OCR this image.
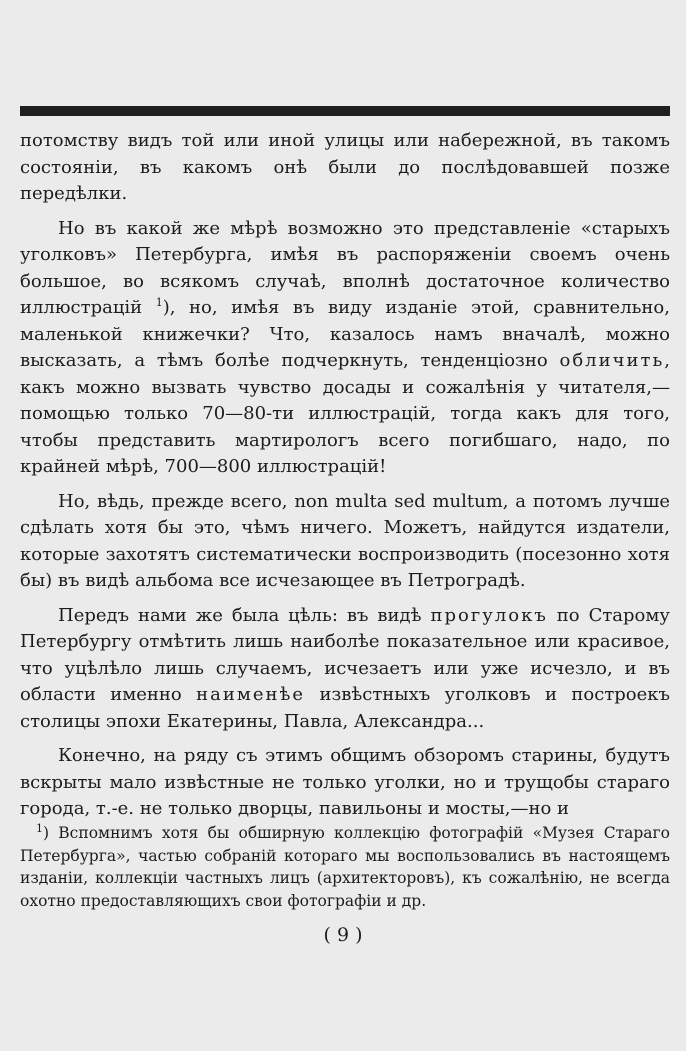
потомству видъ той или иной улицы или набережной, въ такомъ состоянiи, въ какомъ онѣ были до послѣдовавшей позже передѣлки.

Но въ какой же мѣрѣ возможно это представленiе «старыхъ уголковъ» Петербурга, имѣя въ распоряженiи своемъ очень большое, во всякомъ случаѣ, вполнѣ достаточное количество иллюстрацiй $^1$), но, имѣя въ виду изданiе этой, сравнительно, маленькой книжечки? Что, казалось намъ вначалѣ, можно высказать, а тѣмъ болѣе подчеркнуть, тенденцiозно обличить, какъ можно вызвать чувство досады и сожалѣнiя у читателя,—помощью только 70—80-ти иллюстрацiй, тогда какъ для того, чтобы представить мартирологъ всего погибшаго, надо, по крайней мѣрѣ, 700—800 иллюстрацiй!

Но, вѣдь, прежде всего, non multa sed multum, а потомъ лучше сдѣлать хотя бы это, чѣмъ ничего. Можетъ, найдутся издатели, которые захотятъ систематически воспроизводить (посезонно хотя бы) въ видѣ альбома все исчезающее въ Петроградѣ.

Передъ нами же была цѣль: въ видѣ прогулокъ по Старому Петербургу отмѣтить лишь наиболѣе показательное или красивое, что уцѣлѣло лишь случаемъ, исчезаетъ или уже исчезло, и въ области именно наименѣе извѣстныхъ уголковъ и построекъ столицы эпохи Екатерины, Павла, Александра...

Конечно, на ряду съ этимъ общимъ обзоромъ старины, будутъ вскрыты мало извѣстные не только уголки, но и трущобы стараго города, т.-е. не только дворцы, павильоны и мосты,—но и

$^1$) Вспомнимъ хотя бы обширную коллекцiю фотографiй «Музея Стараго Петербурга», частью собранiй котораго мы воспользовались въ настоящемъ изданiи, коллекцiи частныхъ лицъ (архитекторовъ), къ сожалѣнiю, не всегда охотно предоставляющихъ свои фотографiи и др.

( 9 )
